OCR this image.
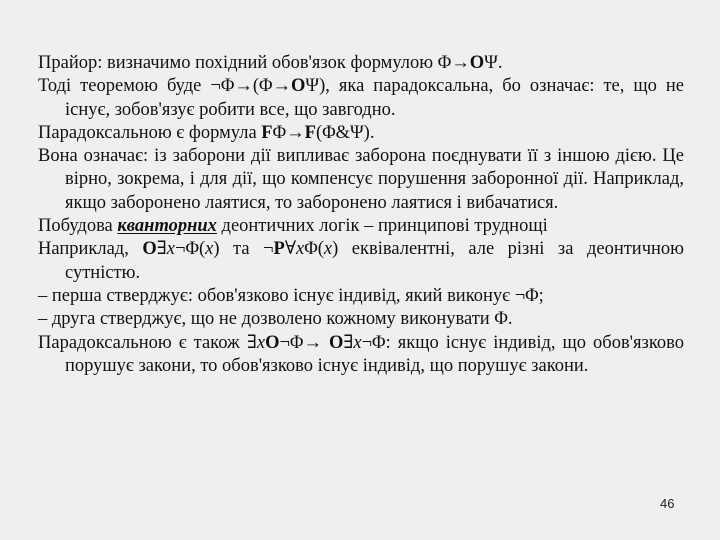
Прайор: визначимо похідний обов'язок формулою Φ→OΨ.

Тоді теоремою буде ¬Φ→(Φ→OΨ), яка парадоксальна, бо означає: те, що не існує, зобов'язує робити все, що завгодно.

Парадоксальною є формула FΦ→F(Φ&Ψ).

Вона означає: із заборони дії випливає заборона поєднувати її з іншою дією. Це вірно, зокрема, і для дії, що компенсує порушення заборонної дії. Наприклад, якщо заборонено лаятися, то заборонено лаятися і вибачатися.

Побудова кванторних деонтичних логік – принципові труднощі

Наприклад, O∃x¬Φ(x) та ¬P∀xΦ(x) еквівалентні, але різні за деонтичною сутністю.

– перша стверджує: обов'язково існує індивід, який виконує ¬Φ;

– друга стверджує, що не дозволено кожному виконувати Φ.

Парадоксальною є також ∃xO¬Φ→ O∃x¬Φ: якщо існує індивід, що обов'язково порушує закони, то обов'язково існує індивід, що порушує закони.

46
